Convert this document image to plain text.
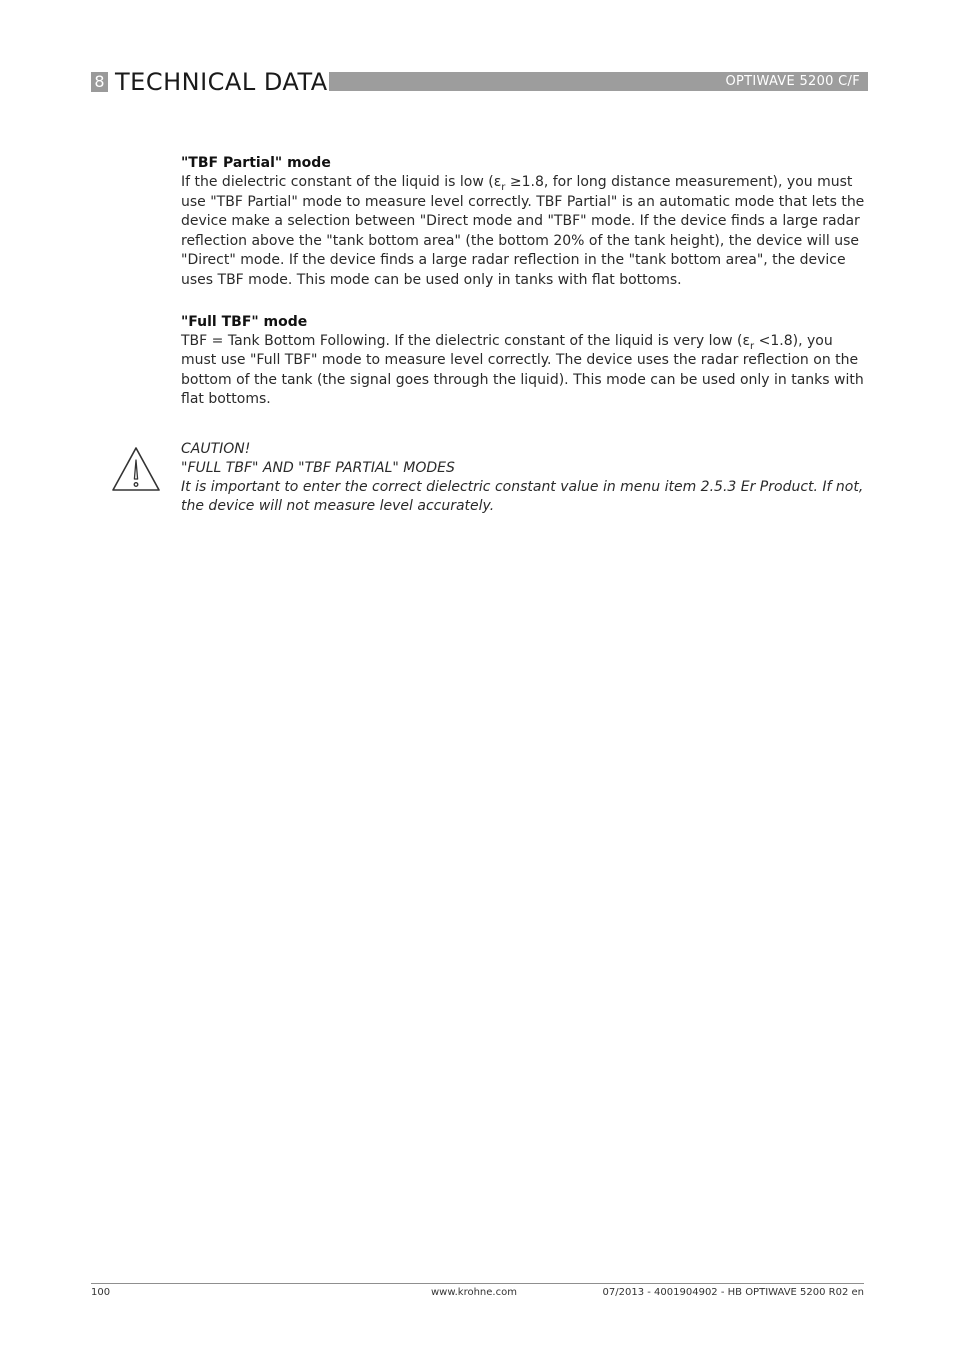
8 TECHNICAL DATA	OPTIWAVE 5200 C/F

"TBF Partial" mode

If the dielectric constant of the liquid is low ($\varepsilon_r \ge 1.8$, for long distance measurement), you must use "TBF Partial" mode to measure level correctly. TBF Partial" is an automatic mode that lets the device make a selection between "Direct mode and "TBF" mode. If the device finds a large radar reflection above the "tank bottom area" (the bottom 20% of the tank height), the device will use "Direct" mode. If the device finds a large radar reflection in the "tank bottom area", the device uses TBF mode. This mode can be used only in tanks with flat bottoms.

"Full TBF" mode

TBF = Tank Bottom Following. If the dielectric constant of the liquid is very low $(\varepsilon_r <1.8)$, you must use "Full TBF" mode to measure level correctly. The device uses the radar reflection on the bottom of the tank (the signal goes through the liquid). This mode can be used only in tanks with flat bottoms.

CAUTION!

"FULL TBF" AND "TBF PARTIAL" MODES

It is important to enter the correct dielectric constant value in menu item 2.5.3 Er Product. If not, the device will not measure level accurately.

100	www.krohne.com	07/2013 - 4001904902 - HB OPTIWAVE 5200 R02 en
